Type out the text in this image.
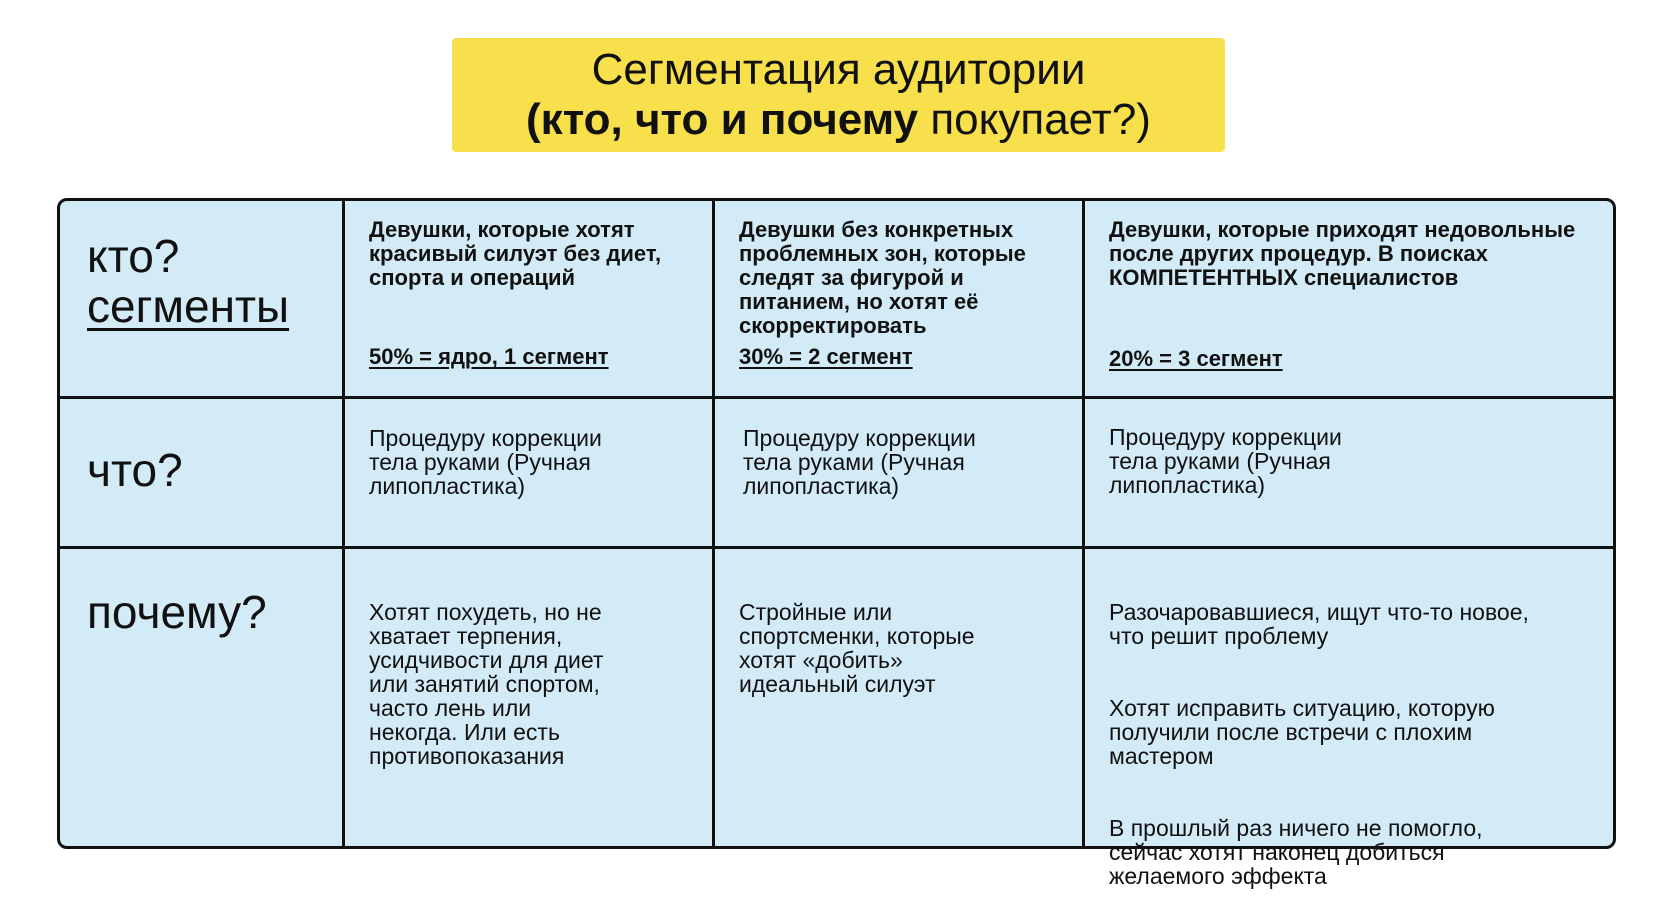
Сегментация аудитории
(кто, что и почему покупает?)
кто?
сегменты
Девушки, которые хотят
красивый силуэт без диет,
спорта и операций
50% = ядро, 1 сегмент
Девушки без конкретных
проблемных зон, которые
следят за фигурой и
питанием, но хотят её
скорректировать
30% = 2 сегмент
Девушки, которые приходят недовольные
после других процедур. В поисках
КОМПЕТЕНТНЫХ специалистов
20% = 3 сегмент
что?
Процедуру коррекции
тела руками (Ручная
липопластика)
Процедуру коррекции
тела руками (Ручная
липопластика)
Процедуру коррекции
тела руками (Ручная
липопластика)
почему?	Хотят похудеть, но не
хватает терпения,
усидчивости для диет
или занятий спортом,
часто лень или
некогда. Или есть
противопоказания

Стройные или
спортсменки, которые
хотят «добить»
идеальный силуэт

Разочаровавшиеся, ищут что-то новое,
что решит проблему

Хотят исправить ситуацию, которую
получили после встречи с плохим
мастером

В прошлый раз ничего не помогло,
сейчас хотят наконец добиться
желаемого эффекта
